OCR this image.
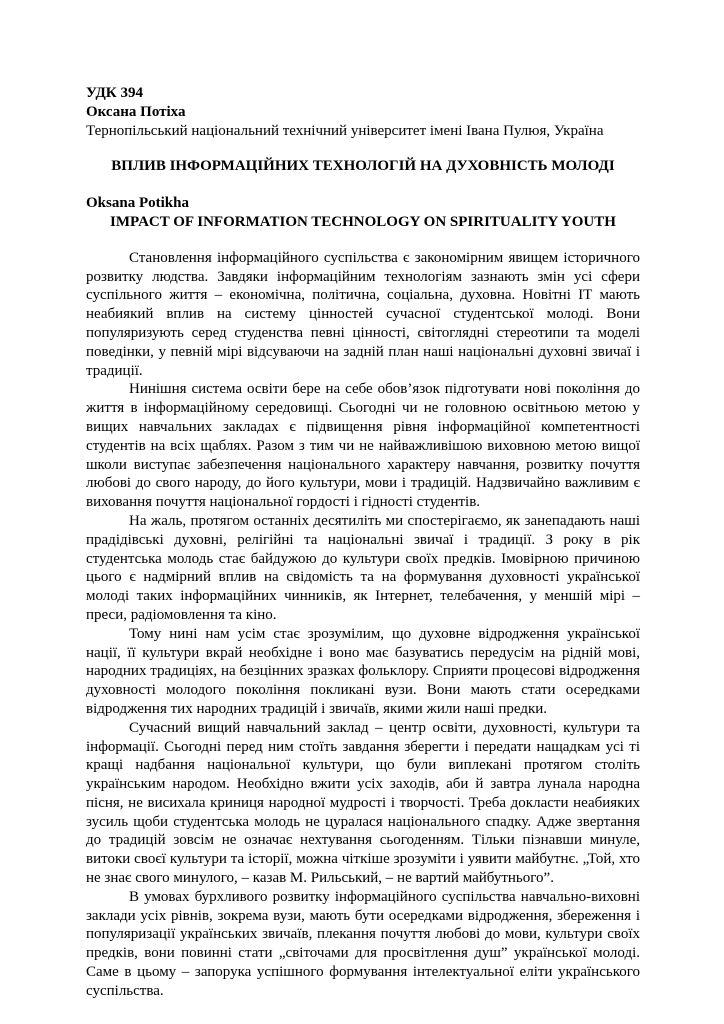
УДК 394

Оксана Потіха

Тернопільський національний технічний університет імені Івана Пулюя, Україна

ВПЛИВ ІНФОРМАЦІЙНИХ ТЕХНОЛОГІЙ НА ДУХОВНІСТЬ МОЛОДІ

Oksana Potikha

IMPACT OF INFORMATION TECHNOLOGY ON SPIRITUALITY YOUTH

Становлення інформаційного суспільства є закономірним явищем історичного розвитку людства. Завдяки інформаційним технологіям зазнають змін усі сфери суспільного життя – економічна, політична, соціальна, духовна. Новітні ІТ мають неабиякий вплив на систему цінностей сучасної студентської молоді. Вони популяризують серед студенства певні цінності, світоглядні стереотипи та моделі поведінки, у певній мірі відсуваючи на задній план наші національні духовні звичаї і традиції.

Нинішня система освіти бере на себе обов’язок підготувати нові покоління до життя в інформаційному середовищі. Сьогодні чи не головною освітньою метою у вищих навчальних закладах є підвищення рівня інформаційної компетентності студентів на всіх щаблях. Разом з тим чи не найважливішою виховною метою вищої школи виступає забезпечення національного характеру навчання, розвитку почуття любові до свого народу, до його культури, мови і традицій. Надзвичайно важливим є виховання почуття національної гордості і гідності студентів.

На жаль, протягом останніх десятиліть ми спостерігаємо, як занепадають наші прадідівські духовні, релігійні та національні звичаї і традиції. З року в рік студентська молодь стає байдужою до культури своїх предків. Імовірною причиною цього є надмірний вплив на свідомість та на формування духовності української молоді таких інформаційних чинників, як Інтернет, телебачення, у меншій мірі – преси, радіомовлення та кіно.

Тому нині нам усім стає зрозумілим, що духовне відродження української нації, її культури вкрай необхідне і воно має базуватись передусім на рідній мові, народних традиціях, на безцінних зразках фольклору. Сприяти процесові відродження духовності молодого покоління покликані вузи. Вони мають стати осередками відродження тих народних традицій і звичаїв, якими жили наші предки.

Сучасний вищий навчальний заклад – центр освіти, духовності, культури та інформації. Сьогодні перед ним стоїть завдання зберегти і передати нащадкам усі ті кращі надбання національної культури, що були виплекані протягом століть українським народом. Необхідно вжити усіх заходів, аби й завтра лунала народна пісня, не висихала криниця народної мудрості і творчості. Треба докласти неабияких зусиль щоби студентська молодь не цуралася національного спадку. Адже звертання до традицій зовсім не означає нехтування сьогоденням. Тільки пізнавши минуле, витоки своєї культури та історії, можна чіткіше зрозуміти і уявити майбутнє. „Той, хто не знає свого минулого, – казав М. Рильський, – не вартий майбутнього”.

В умовах бурхливого розвитку інформаційного суспільства навчально-виховні заклади усіх рівнів, зокрема вузи, мають бути осередками відродження, збереження і популяризації українських звичаїв, плекання почуття любові до мови, культури своїх предків, вони повинні стати „світочами для просвітлення душ” української молоді. Саме в цьому – запорука успішного формування інтелектуальної еліти українського суспільства.
